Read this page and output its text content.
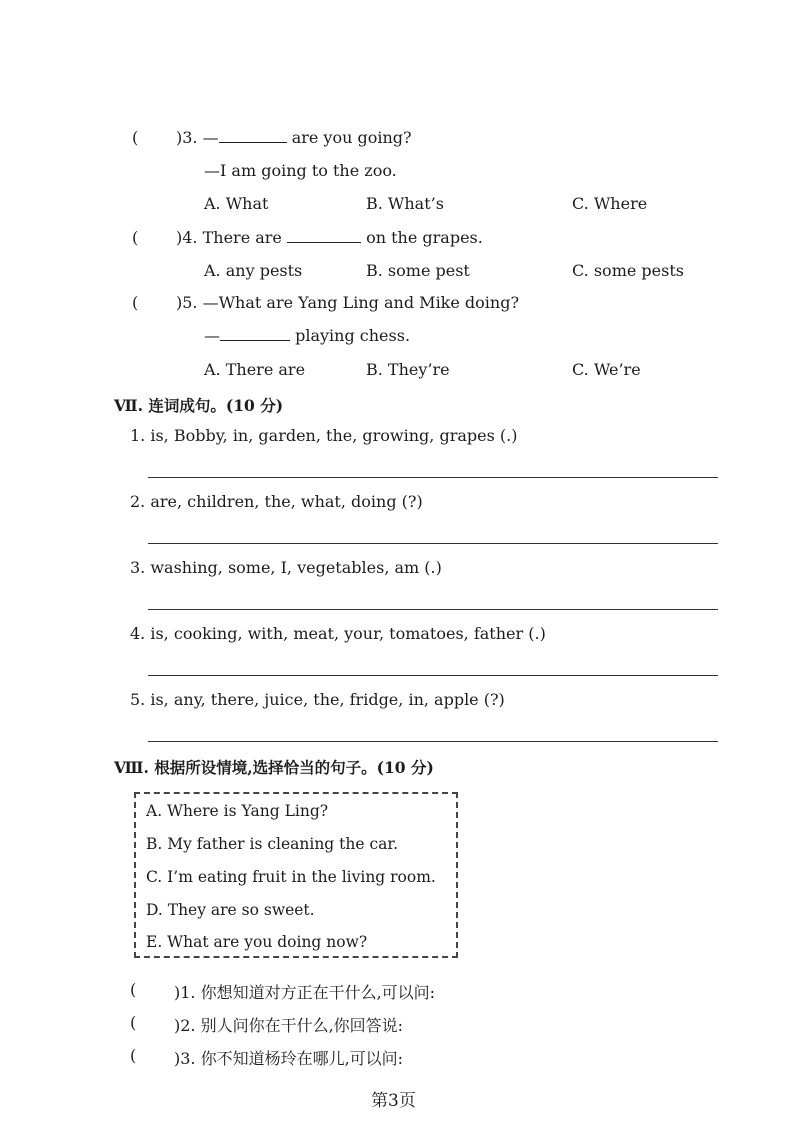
( )3. —	are you going?
—I am going to the zoo.
A. What	B. What’s	C. Where
( )4. There are	on the grapes.
A. any pests	B. some pest	C. some pests
( )5. —What are Yang Ling and Mike doing?
—	playing chess.
A. There are	B. They’re	C. We’re
Ⅶ. 连词成句。(10 分)
1. is, Bobby, in, garden, the, growing, grapes (.)
2. are, children, the, what, doing (?)
3. washing, some, I, vegetables, am (.)
4. is, cooking, with, meat, your, tomatoes, father (.)
5. is, any, there, juice, the, fridge, in, apple (?)
Ⅷ. 根据所设情境,选择恰当的句子。(10 分)
A. Where is Yang Ling?
B. My father is cleaning the car.
C. I’m eating fruit in the living room.
D. They are so sweet.
E. What are you doing now?
( )1. 你想知道对方正在干什么,可以问:
( )2. 别人问你在干什么,你回答说:
( )3. 你不知道杨玲在哪儿,可以问:
第3页
